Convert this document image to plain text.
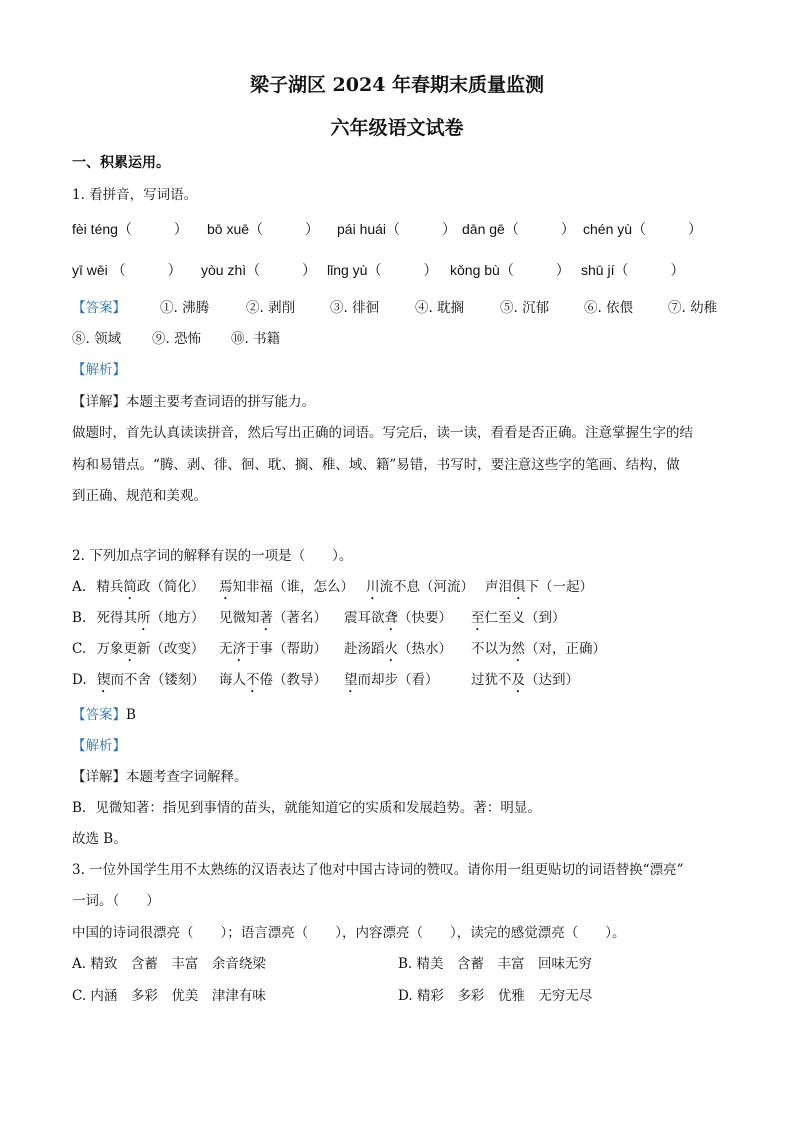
梁子湖区 2024 年春期末质量监测
六年级语文试卷
一、积累运用。
1. 看拼音，写词语。
fèi téng（　　　） bō xuē（　　　） pái huái（　　　） dān gē（　　　） chén yù（　　　）
yī wēi （　　　） yòu zhì（　　　） lǐng yù（　　　） kǒng bù（　　　） shū jí（　　　）
【答案】	①. 沸腾	②. 剥削	③. 徘徊	④. 耽搁	⑤. 沉郁	⑥. 依偎	⑦. 幼稚
⑧. 领域 ⑨. 恐怖 ⑩. 书籍
【解析】
【详解】本题主要考查词语的拼写能力。
做题时，首先认真读读拼音，然后写出正确的词语。写完后，读一读，看看是否正确。注意掌握生字的结
构和易错点。“腾、剥、徘、徊、耽、搁、稚、域、籍”易错，书写时，要注意这些字的笔画、结构，做
到正确、规范和美观。
2. 下列加点字词的解释有误的一项是（　　）。
A. 精兵简政（简化） 焉知非福（谁，怎么） 川流不息（河流） 声泪俱下（一起）
B. 死得其所（地方） 见微知著（著名） 震耳欲聋（快要） 至仁至义（到）
C. 万象更新（改变） 无济于事（帮助） 赴汤蹈火（热水） 不以为然（对，正确）
D. 锲而不舍（镂刻） 诲人不倦（教导） 望而却步（看） 过犹不及（达到）
【答案】B
【解析】
【详解】本题考查字词解释。
B．见微知著：指见到事情的苗头，就能知道它的实质和发展趋势。著：明显。
故选 B。
3. 一位外国学生用不太熟练的汉语表达了他对中国古诗词的赞叹。请你用一组更贴切的词语替换“漂亮”
一词。（　　）
中国的诗词很漂亮（　　）；语言漂亮（　　），内容漂亮（　　），读完的感觉漂亮（　　）。
A. 精致　含蓄　丰富　余音绕梁	B. 精美　含蓄　丰富　回味无穷
C. 内涵　多彩　优美　津津有味	D. 精彩　多彩　优雅　无穷无尽
